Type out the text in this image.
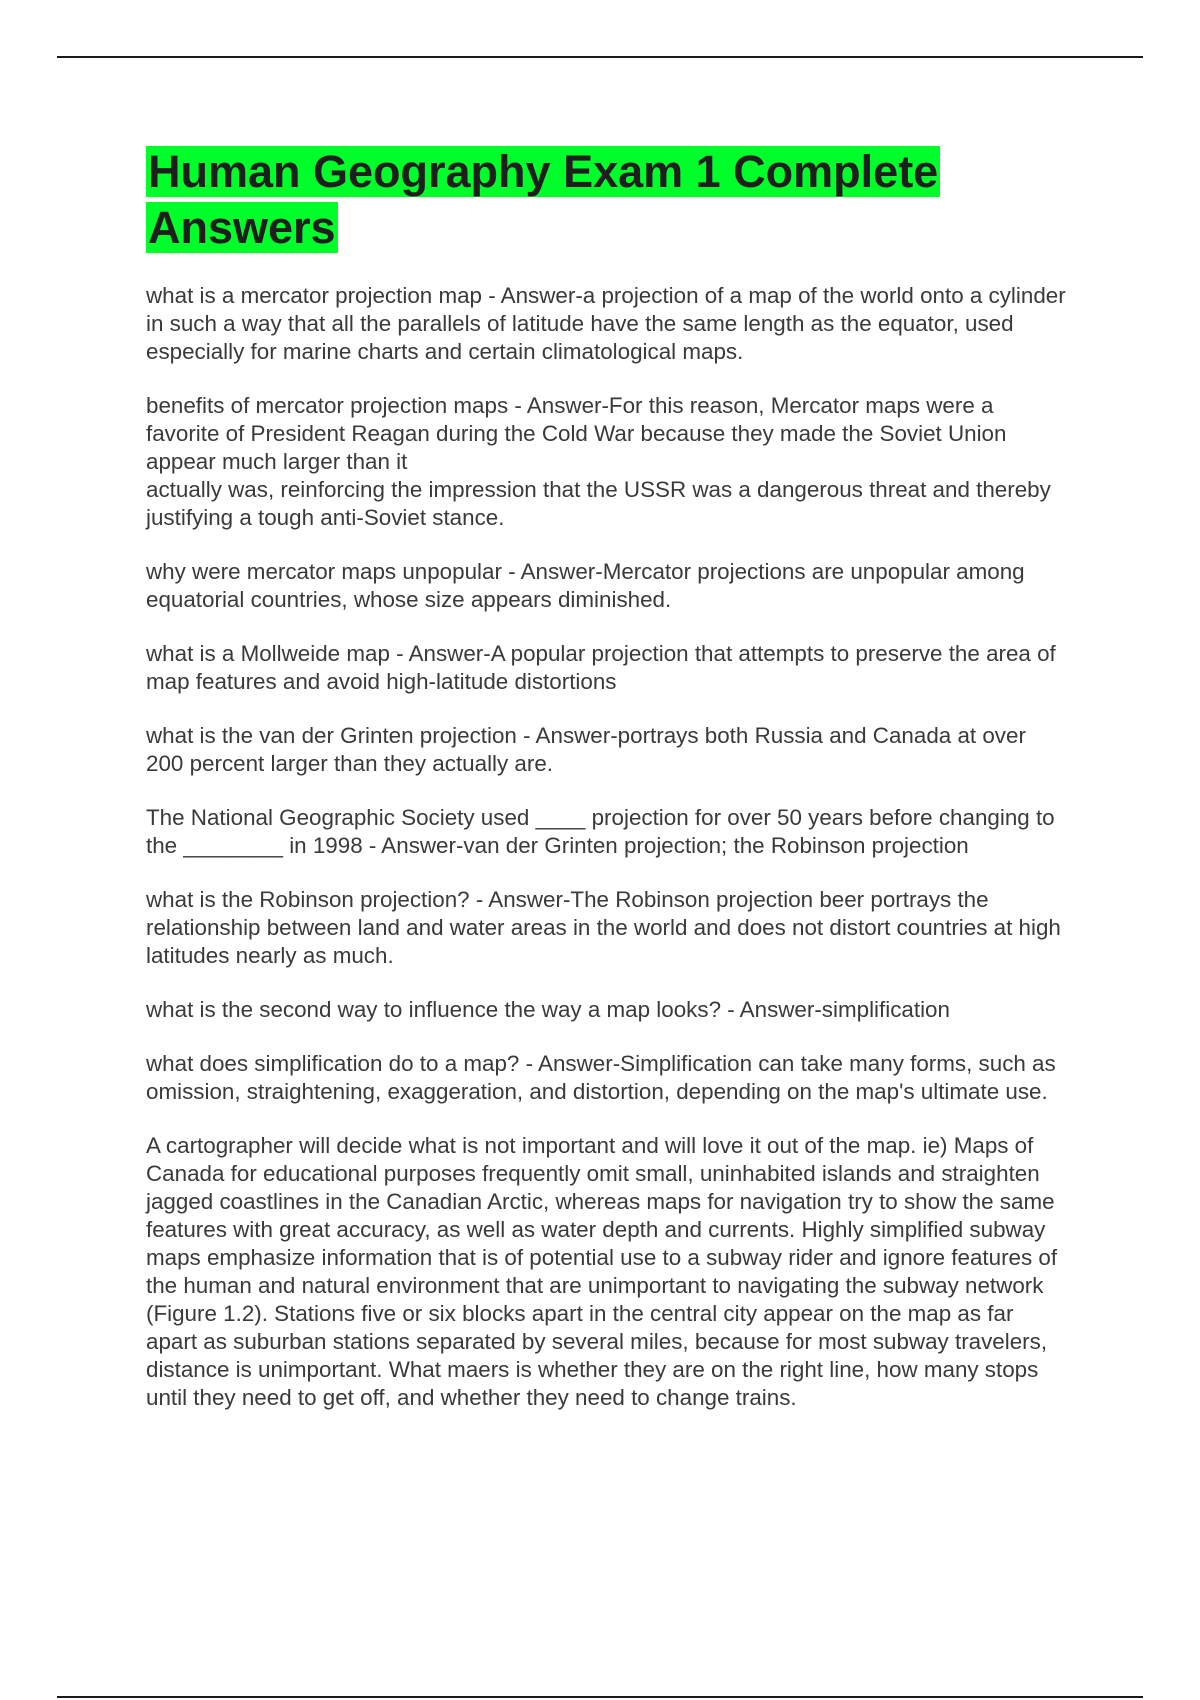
Human Geography Exam 1 Complete Answers

what is a mercator projection map - Answer-a projection of a map of the world onto a cylinder in such a way that all the parallels of latitude have the same length as the equator, used especially for marine charts and certain climatological maps.

benefits of mercator projection maps - Answer-For this reason, Mercator maps were a favorite of President Reagan during the Cold War because they made the Soviet Union appear much larger than it
actually was, reinforcing the impression that the USSR was a dangerous threat and thereby justifying a tough anti-Soviet stance.

why were mercator maps unpopular - Answer-Mercator projections are unpopular among equatorial countries, whose size appears diminished.

what is a Mollweide map - Answer-A popular projection that attempts to preserve the area of map features and avoid high-latitude distortions

what is the van der Grinten projection - Answer-portrays both Russia and Canada at over 200 percent larger than they actually are.

The National Geographic Society used ____ projection for over 50 years before changing to the ________ in 1998 - Answer-van der Grinten projection; the Robinson projection

what is the Robinson projection? - Answer-The Robinson projection beer portrays the relationship between land and water areas in the world and does not distort countries at high latitudes nearly as much.

what is the second way to influence the way a map looks? - Answer-simplification

what does simplification do to a map? - Answer-Simplification can take many forms, such as omission, straightening, exaggeration, and distortion, depending on the map's ultimate use.

A cartographer will decide what is not important and will love it out of the map. ie) Maps of Canada for educational purposes frequently omit small, uninhabited islands and straighten jagged coastlines in the Canadian Arctic, whereas maps for navigation try to show the same features with great accuracy, as well as water depth and currents. Highly simplified subway maps emphasize information that is of potential use to a subway rider and ignore features of the human and natural environment that are unimportant to navigating the subway network (Figure 1.2). Stations five or six blocks apart in the central city appear on the map as far apart as suburban stations separated by several miles, because for most subway travelers, distance is unimportant. What maers is whether they are on the right line, how many stops until they need to get off, and whether they need to change trains.
